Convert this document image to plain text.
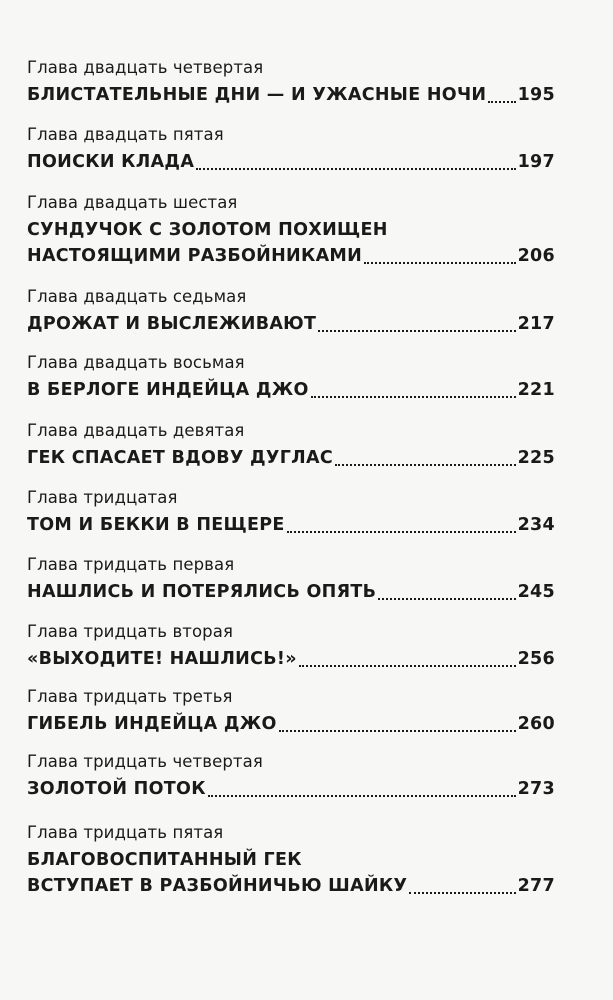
Глава двадцать четвертая
БЛИСТАТЕЛЬНЫЕ ДНИ — И УЖАСНЫЕ НОЧИ 195
Глава двадцать пятая
ПОИСКИ КЛАДА	197
Глава двадцать шестая
СУНДУЧОК С ЗОЛОТОМ ПОХИЩЕН
НАСТОЯЩИМИ РАЗБОЙНИКАМИ	206
Глава двадцать седьмая
ДРОЖАТ И ВЫСЛЕЖИВАЮТ	217
Глава двадцать восьмая
В БЕРЛОГЕ ИНДЕЙЦА ДЖО	221
Глава двадцать девятая
ГЕК СПАСАЕТ ВДОВУ ДУГЛАС	225
Глава тридцатая
ТОМ И БЕККИ В ПЕЩЕРЕ	234
Глава тридцать первая
НАШЛИСЬ И ПОТЕРЯЛИСЬ ОПЯТЬ	245
Глава тридцать вторая
«ВЫХОДИТЕ! НАШЛИСЬ!»	256
Глава тридцать третья
ГИБЕЛЬ ИНДЕЙЦА ДЖО	260
Глава тридцать четвертая
ЗОЛОТОЙ ПОТОК	273
Глава тридцать пятая
БЛАГОВОСПИТАННЫЙ ГЕК
ВСТУПАЕТ В РАЗБОЙНИЧЬЮ ШАЙКУ	277
